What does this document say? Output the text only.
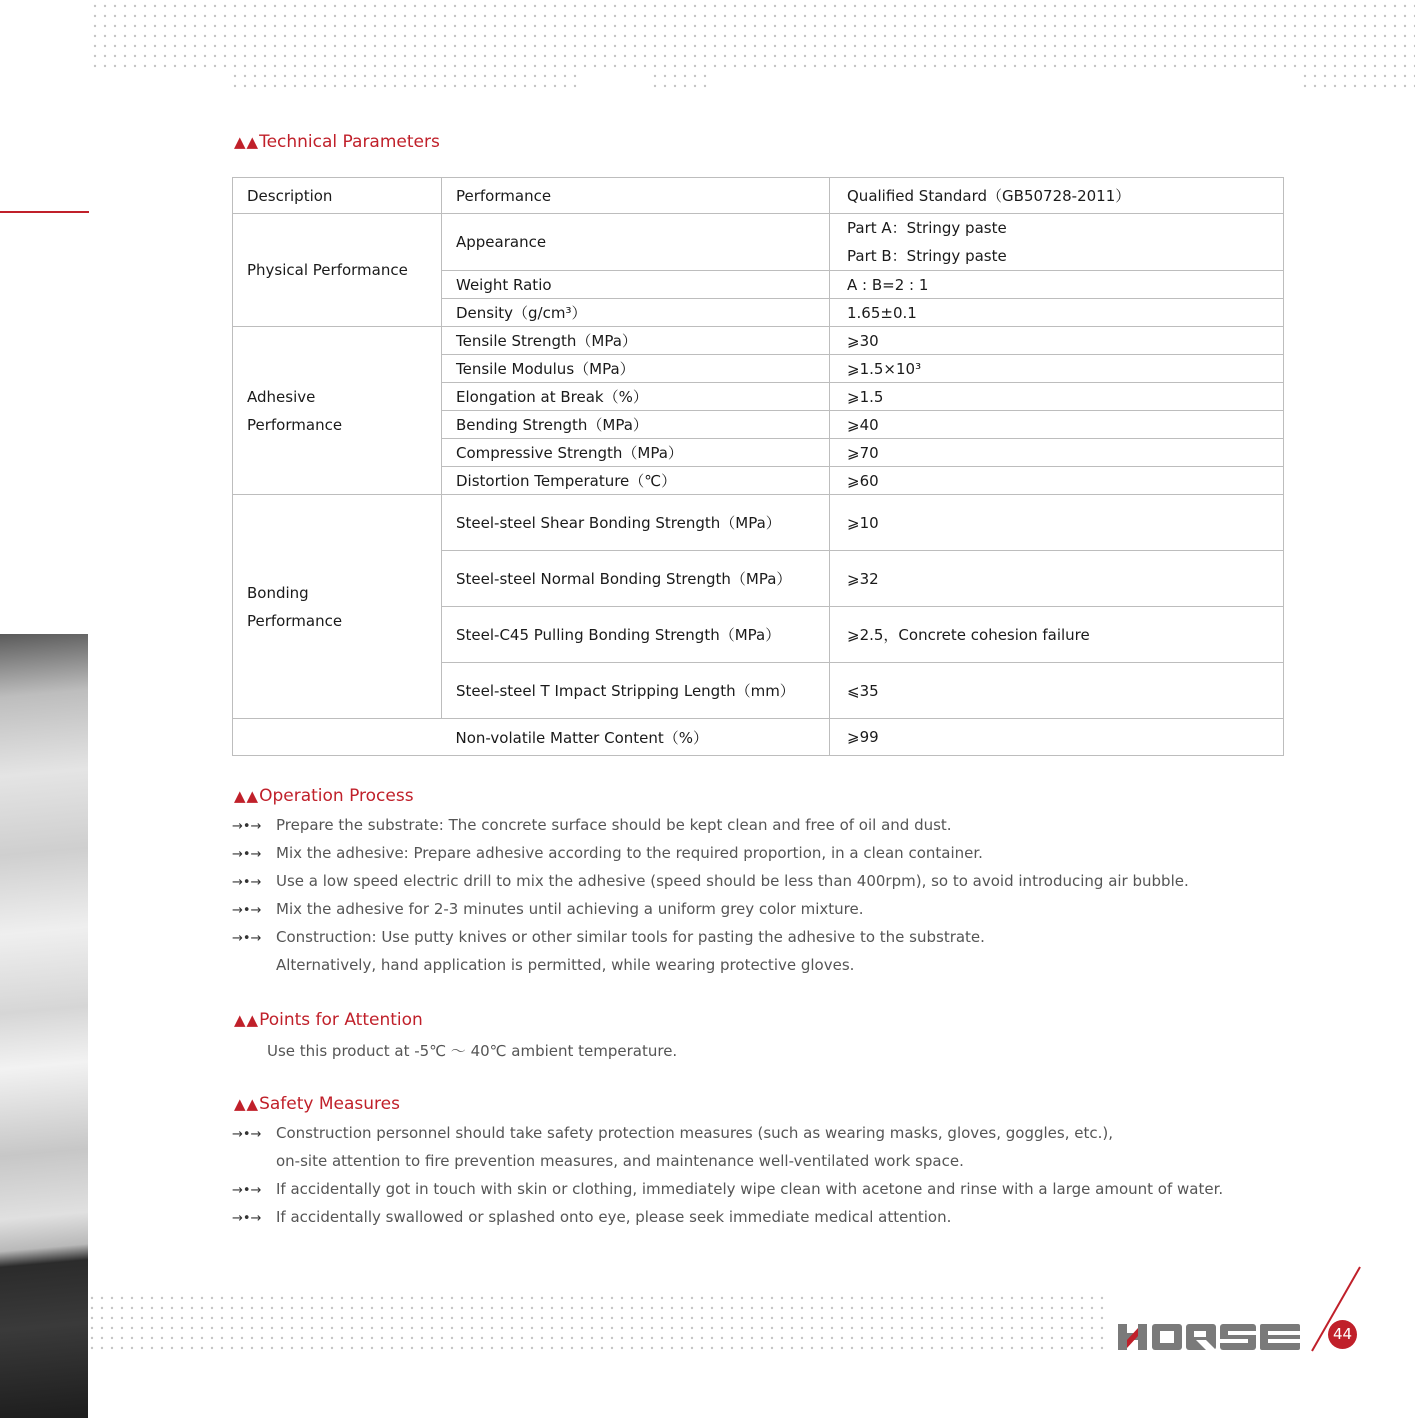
▲▲Technical Parameters
Description	Performance	Qualified Standard（GB50728-2011）
Physical Performance	Appearance	Part A：Stringy paste
Part B：Stringy paste

	Weight Ratio	A : B=2 : 1
	Density（g/cm³）	1.65±0.1

Adhesive
Performance	Tensile Strength（MPa）	⩾30
	Tensile Modulus（MPa）	⩾1.5×10³
	Elongation at Break（%）	⩾1.5
	Bending Strength（MPa）	⩾40
	Compressive Strength（MPa）	⩾70
	Distortion Temperature（℃）	⩾60

Bonding
Performance	Steel-steel Shear Bonding Strength（MPa）	⩾10
	Steel-steel Normal Bonding Strength（MPa）	⩾32
	Steel-C45 Pulling Bonding Strength（MPa）	⩾2.5，Concrete cohesion failure
	Steel-steel T Impact Stripping Length（mm）	⩽35
	Non-volatile Matter Content（%）	⩾99
▲▲Operation Process
→•→ Prepare the substrate: The concrete surface should be kept clean and free of oil and dust.
→•→ Mix the adhesive: Prepare adhesive according to the required proportion, in a clean container.
→•→ Use a low speed electric drill to mix the adhesive (speed should be less than 400rpm), so to avoid introducing air bubble.
→•→ Mix the adhesive for 2-3 minutes until achieving a uniform grey color mixture.
→•→ Construction: Use putty knives or other similar tools for pasting the adhesive to the substrate.
Alternatively, hand application is permitted, while wearing protective gloves.
▲▲Points for Attention
Use this product at -5℃ ～ 40℃ ambient temperature.
▲▲Safety Measures
→•→ Construction personnel should take safety protection measures (such as wearing masks, gloves, goggles, etc.),
on-site attention to fire prevention measures, and maintenance well-ventilated work space.
→•→ If accidentally got in touch with skin or clothing, immediately wipe clean with acetone and rinse with a large amount of water.
→•→ If accidentally swallowed or splashed onto eye, please seek immediate medical attention.
44
